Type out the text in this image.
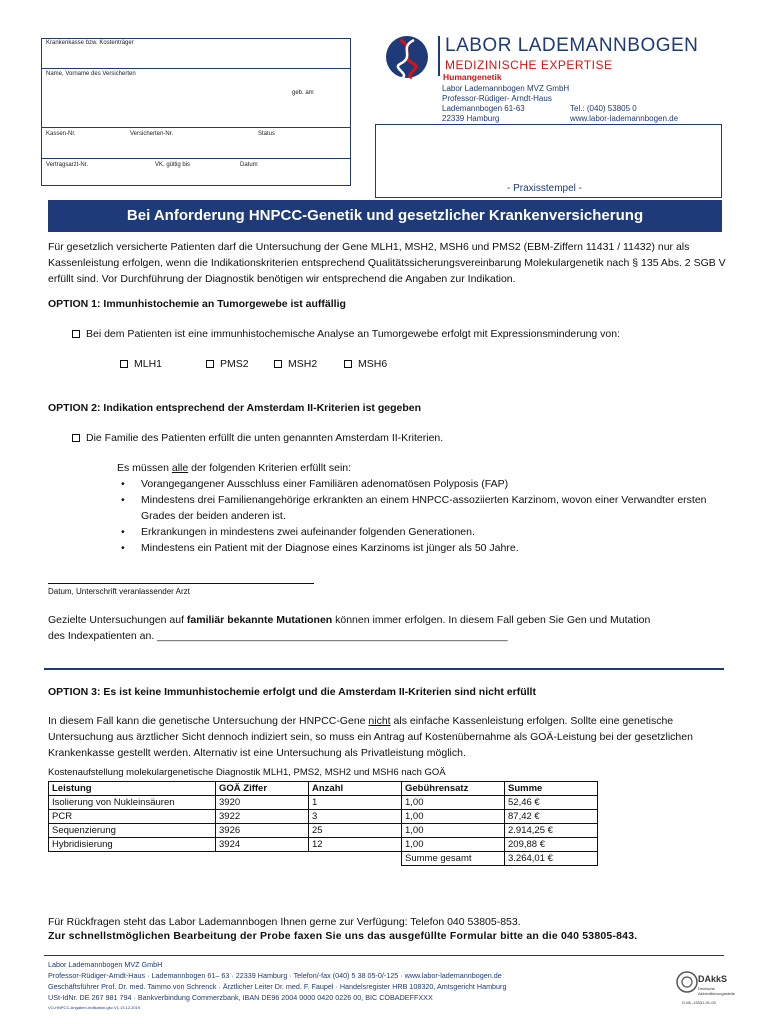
Krankenkasse bzw. Kostenträger
Name, Vorname des Versicherten
geb. am
Kassen-Nr.	Versicherten-Nr.	Status
Vertragsarzt-Nr.	VK. gültig bis	Datum
LABOR LADEMANNBOGEN
MEDIZINISCHE EXPERTISE
Humangenetik
Labor Lademannbogen MVZ GmbH
Professor-Rüdiger- Arndt-Haus
Lademannbogen 61-63	Tel.: (040) 53805 0
22339 Hamburg	www.labor-lademannbogen.de
- Praxisstempel -
Bei Anforderung HNPCC-Genetik und gesetzlicher Krankenversicherung
Für gesetzlich versicherte Patienten darf die Untersuchung der Gene MLH1, MSH2, MSH6 und PMS2 (EBM-Ziffern 11431 / 11432) nur als Kassenleistung erfolgen, wenn die Indikationskriterien entsprechend Qualitätssicherungsvereinbarung Molekulargenetik nach § 135 Abs. 2 SGB V erfüllt sind. Vor Durchführung der Diagnostik benötigen wir entsprechend die Angaben zur Indikation.
OPTION 1: Immunhistochemie an Tumorgewebe ist auffällig
Bei dem Patienten ist eine immunhistochemische Analyse an Tumorgewebe erfolgt mit Expressionsminderung von:
MLH1	PMS2	MSH2	MSH6
OPTION 2: Indikation entsprechend der Amsterdam II-Kriterien ist gegeben
Die Familie des Patienten erfüllt die unten genannten Amsterdam II-Kriterien.
Es müssen alle der folgenden Kriterien erfüllt sein:
• Vorangegangener Ausschluss einer Familiären adenomatösen Polyposis (FAP)
• Mindestens drei Familienangehörige erkrankten an einem HNPCC-assoziierten Karzinom, wovon einer Verwandter ersten Grades der beiden anderen ist.
• Erkrankungen in mindestens zwei aufeinander folgenden Generationen.
• Mindestens ein Patient mit der Diagnose eines Karzinoms ist jünger als 50 Jahre.
Datum, Unterschrift veranlassender Arzt
Gezielte Untersuchungen auf familiär bekannte Mutationen können immer erfolgen. In diesem Fall geben Sie Gen und Mutation
des Indexpatienten an. ____________________________________________________________
OPTION 3: Es ist keine Immunhistochemie erfolgt und die Amsterdam II-Kriterien sind nicht erfüllt
In diesem Fall kann die genetische Untersuchung der HNPCC-Gene nicht als einfache Kassenleistung erfolgen. Sollte eine genetische Untersuchung aus ärztlicher Sicht dennoch indiziert sein, so muss ein Antrag auf Kostenübernahme als GOÄ-Leistung bei der gesetzlichen Krankenkasse gestellt werden. Alternativ ist eine Untersuchung als Privatleistung möglich.
Kostenaufstellung molekulargenetische Diagnostik MLH1, PMS2, MSH2 und MSH6 nach GOÄ
Leistung	GOÄ Ziffer	Anzahl	Gebührensatz	Summe
Isolierung von Nukleinsäuren	3920	1	1,00	52,46 €
PCR	3922	3	1,00	87,42 €
Sequenzierung	3926	25	1,00	2.914,25 €
Hybridisierung	3924	12	1,00	209,88 €
			Summe gesamt	3.264,01 €
Für Rückfragen steht das Labor Lademannbogen Ihnen gerne zur Verfügung: Telefon 040 53805-853.
Zur schnellstmöglichen Bearbeitung der Probe faxen Sie uns das ausgefüllte Formular bitte an die 040 53805-843.
Labor Lademannbogen MVZ GmbH
Professor-Rüdiger-Arndt-Haus · Lademannbogen 61– 63 · 22339 Hamburg · Telefon/-fax (040) 5 38 05-0/-125 · www.labor-lademannbogen.de
Geschäftsführer Prof. Dr. med. Tammo von Schrenck · Ärztlicher Leiter Dr. med. F. Faupel · Handelsregister HRB 108320, Amtsgericht Hamburg
USt-IdNr. DE 267 981 794 · Bankverbindung Commerzbank, IBAN DE96 2004 0000 0420 0226 00, BIC COBADEFFXXX
VO-HNPCC-Angaben-Indikation-gkv-V1 13.12.2019
DAkkS
Deutsche
Akkreditierungsstelle
D-ML-13331-01-00
